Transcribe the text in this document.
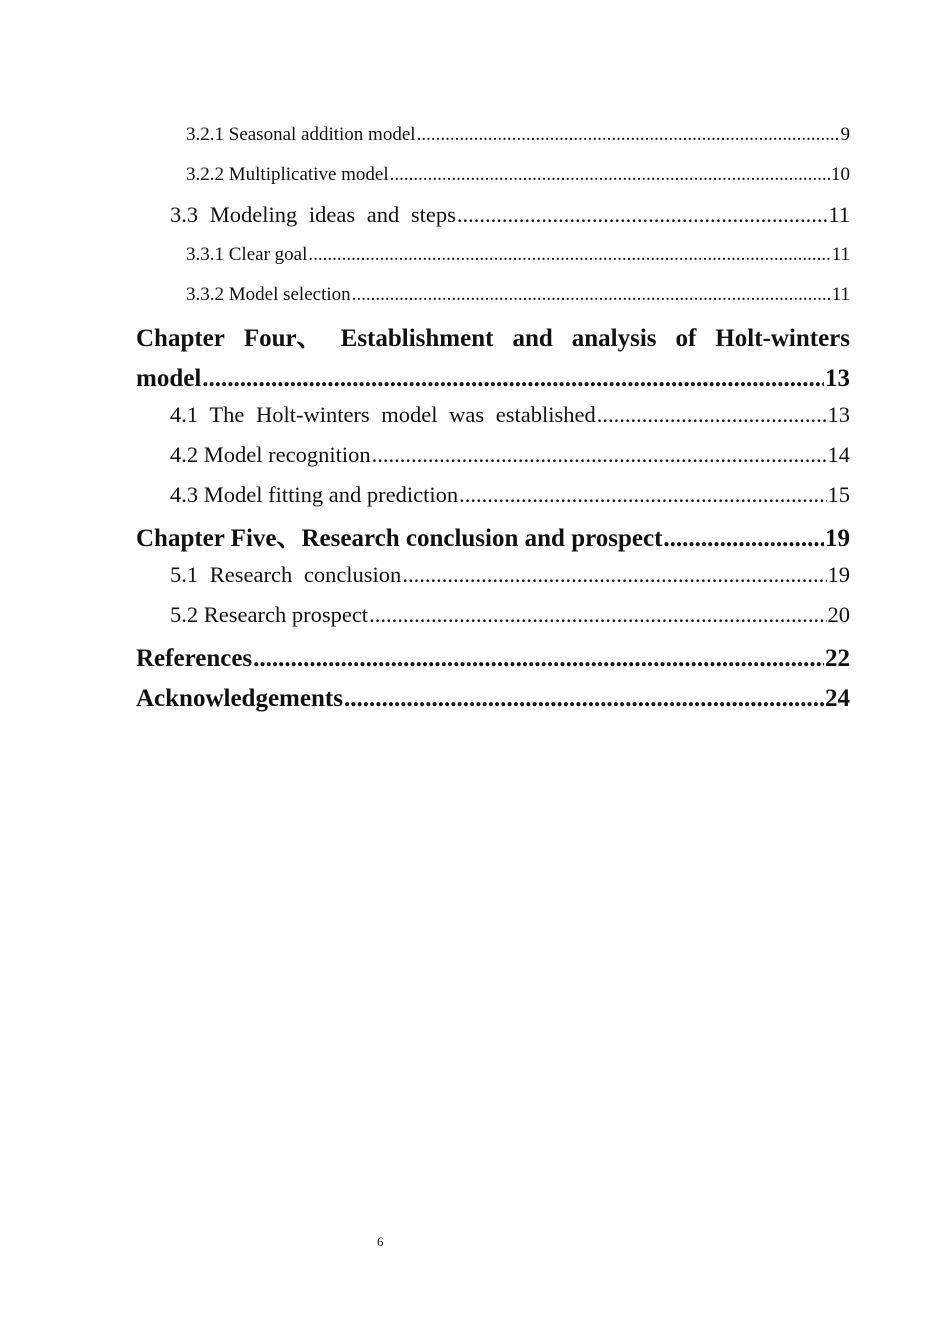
3.2.1 Seasonal addition model .....	9
3.2.2 Multiplicative model .....	10
3.3 Modeling ideas and steps .....	11
3.3.1 Clear goal .....	11
3.3.2 Model selection .....	11
Chapter Four、 Establishment and analysis of Holt-winters
model .....	13
4.1 The Holt-winters model was established .....	13
4.2 Model recognition .....	14
4.3 Model fitting and prediction .....	15
Chapter Five、Research conclusion and prospect .....	19
5.1 Research conclusion .....	19
5.2 Research prospect .....	20
References .....	22
Acknowledgements .....	24
6
